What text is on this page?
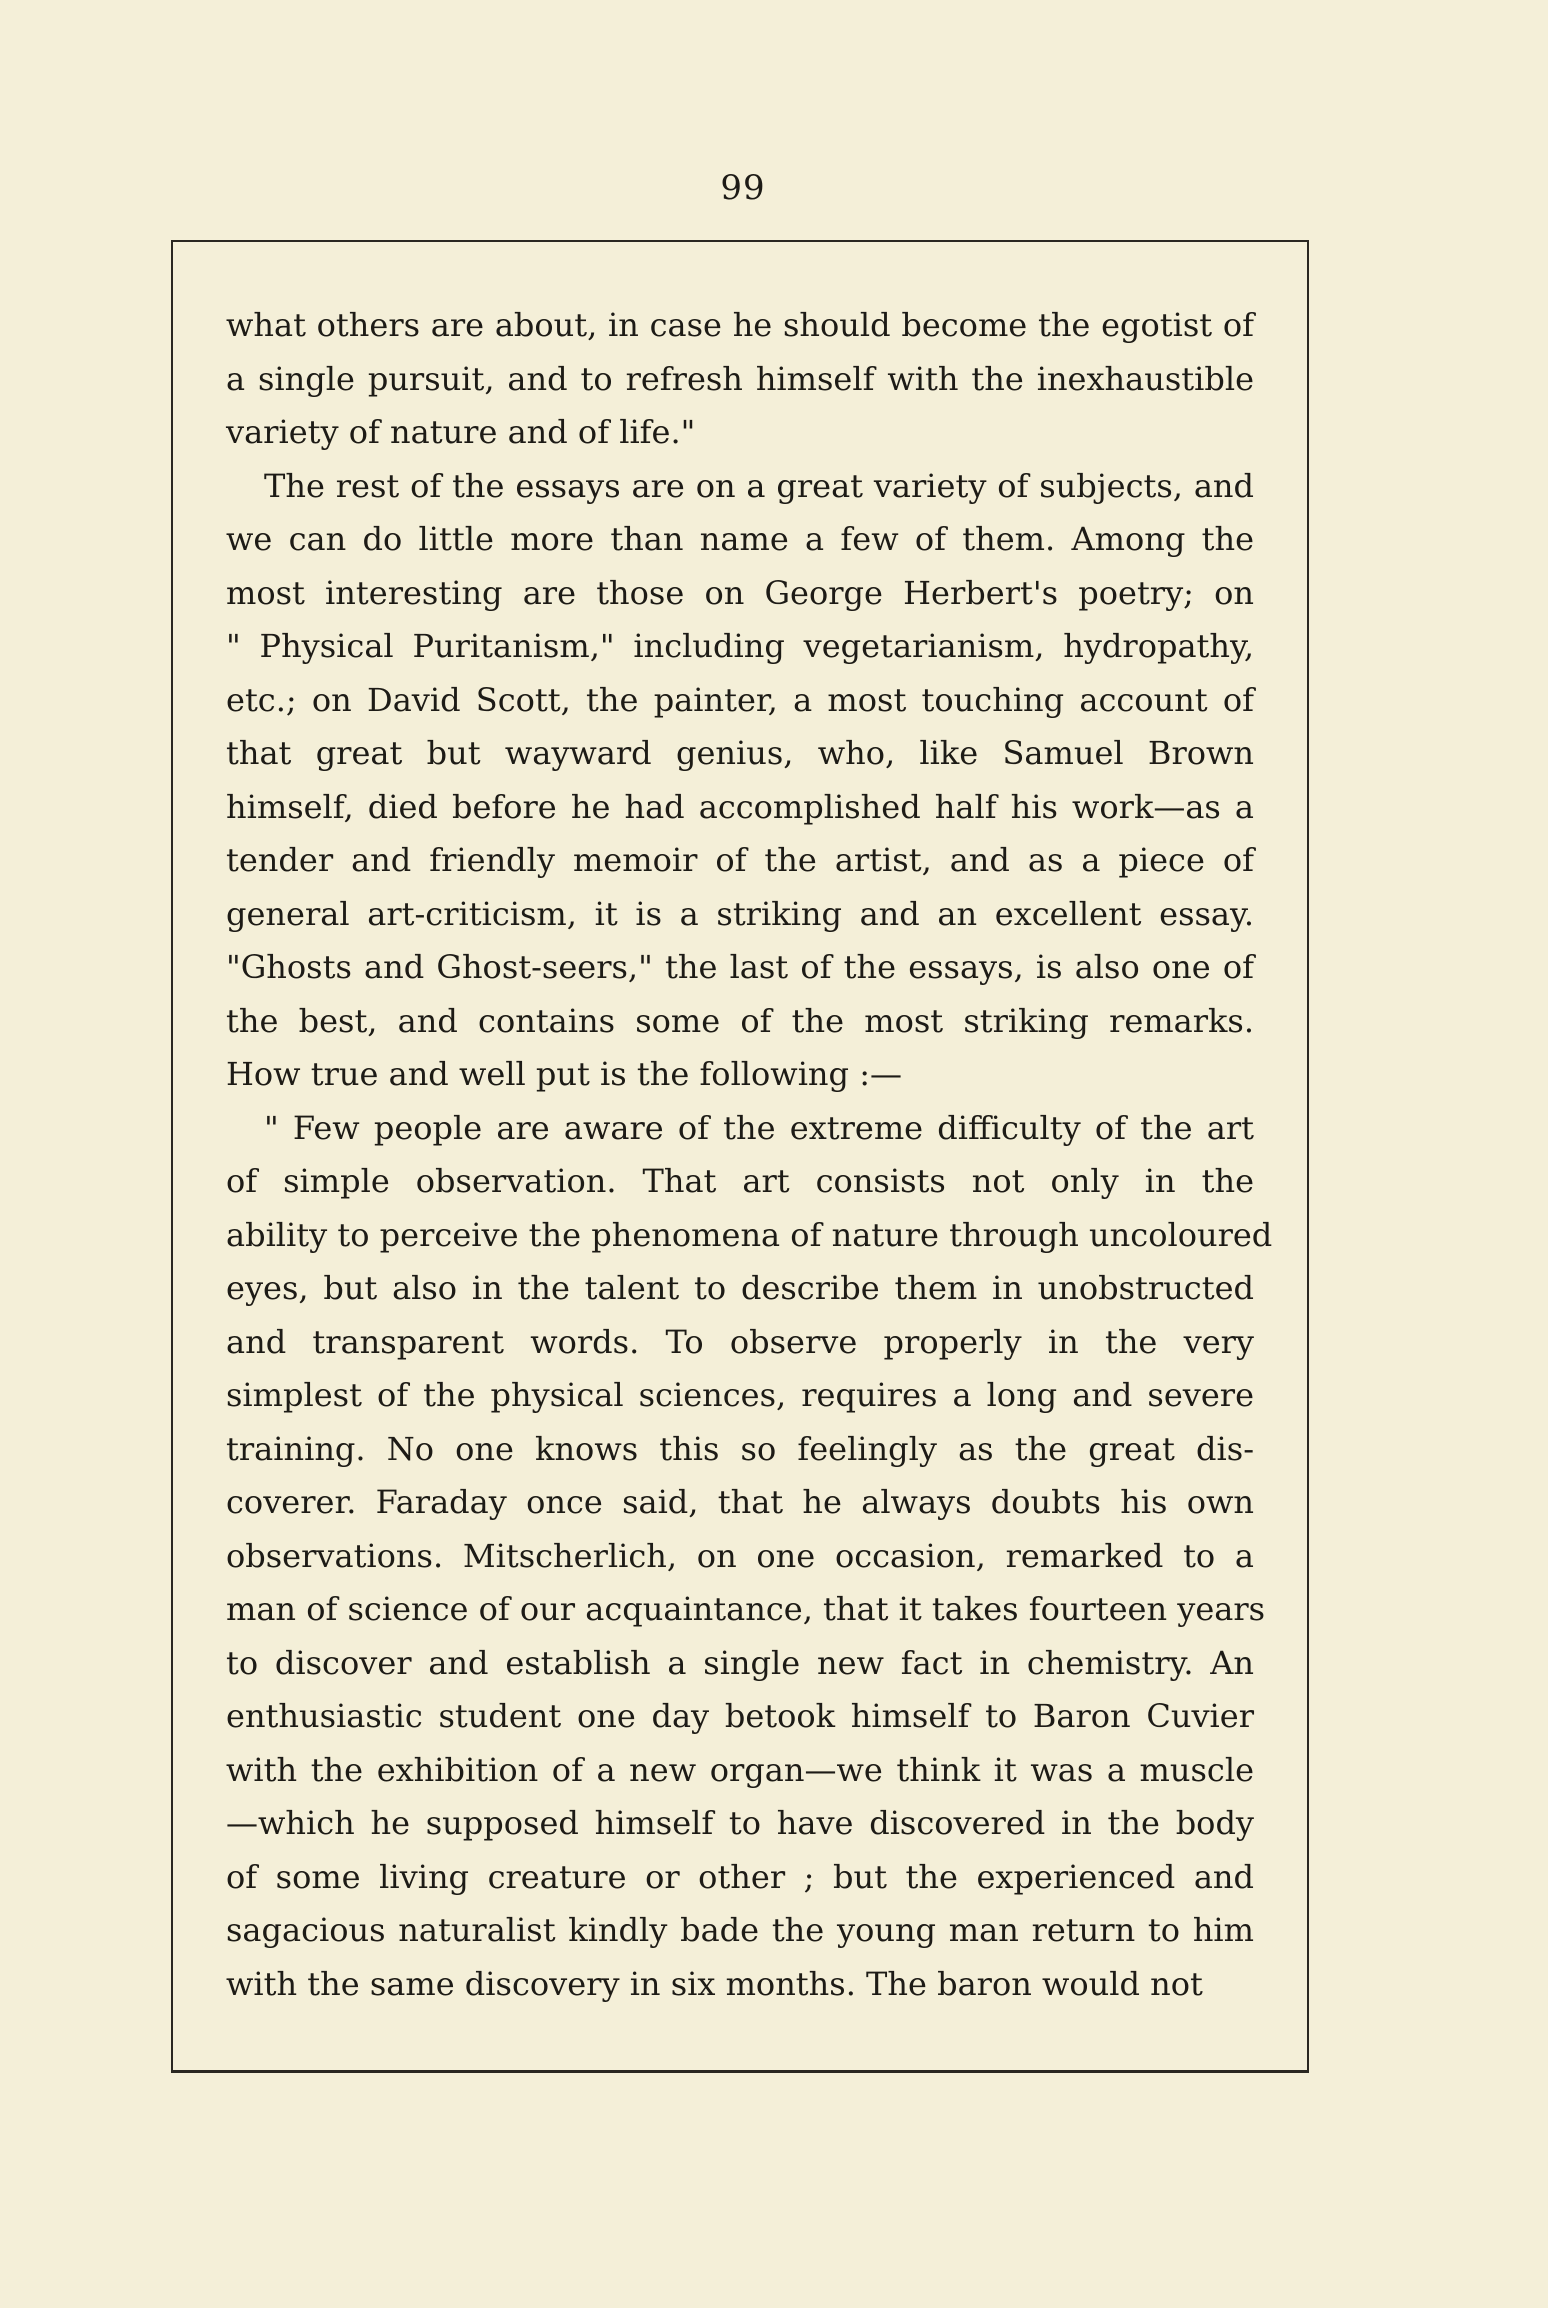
99
what others are about, in case he should become the egotist of
a single pursuit, and to refresh himself with the inexhaustible
variety of nature and of life."
The rest of the essays are on a great variety of subjects, and
we can do little more than name a few of them. Among the
most interesting are those on George Herbert's poetry; on
" Physical Puritanism," including vegetarianism, hydropathy,
etc.; on David Scott, the painter, a most touching account of
that great but wayward genius, who, like Samuel Brown
himself, died before he had accomplished half his work—as a
tender and friendly memoir of the artist, and as a piece of
general art-criticism, it is a striking and an excellent essay.
"Ghosts and Ghost-seers," the last of the essays, is also one of
the best, and contains some of the most striking remarks.
How true and well put is the following :—
" Few people are aware of the extreme difficulty of the art
of simple observation. That art consists not only in the
ability to perceive the phenomena of nature through uncoloured
eyes, but also in the talent to describe them in unobstructed
and transparent words. To observe properly in the very
simplest of the physical sciences, requires a long and severe
training. No one knows this so feelingly as the great dis-
coverer. Faraday once said, that he always doubts his own
observations. Mitscherlich, on one occasion, remarked to a
man of science of our acquaintance, that it takes fourteen years
to discover and establish a single new fact in chemistry. An
enthusiastic student one day betook himself to Baron Cuvier
with the exhibition of a new organ—we think it was a muscle
—which he supposed himself to have discovered in the body
of some living creature or other ; but the experienced and
sagacious naturalist kindly bade the young man return to him
with the same discovery in six months. The baron would not
